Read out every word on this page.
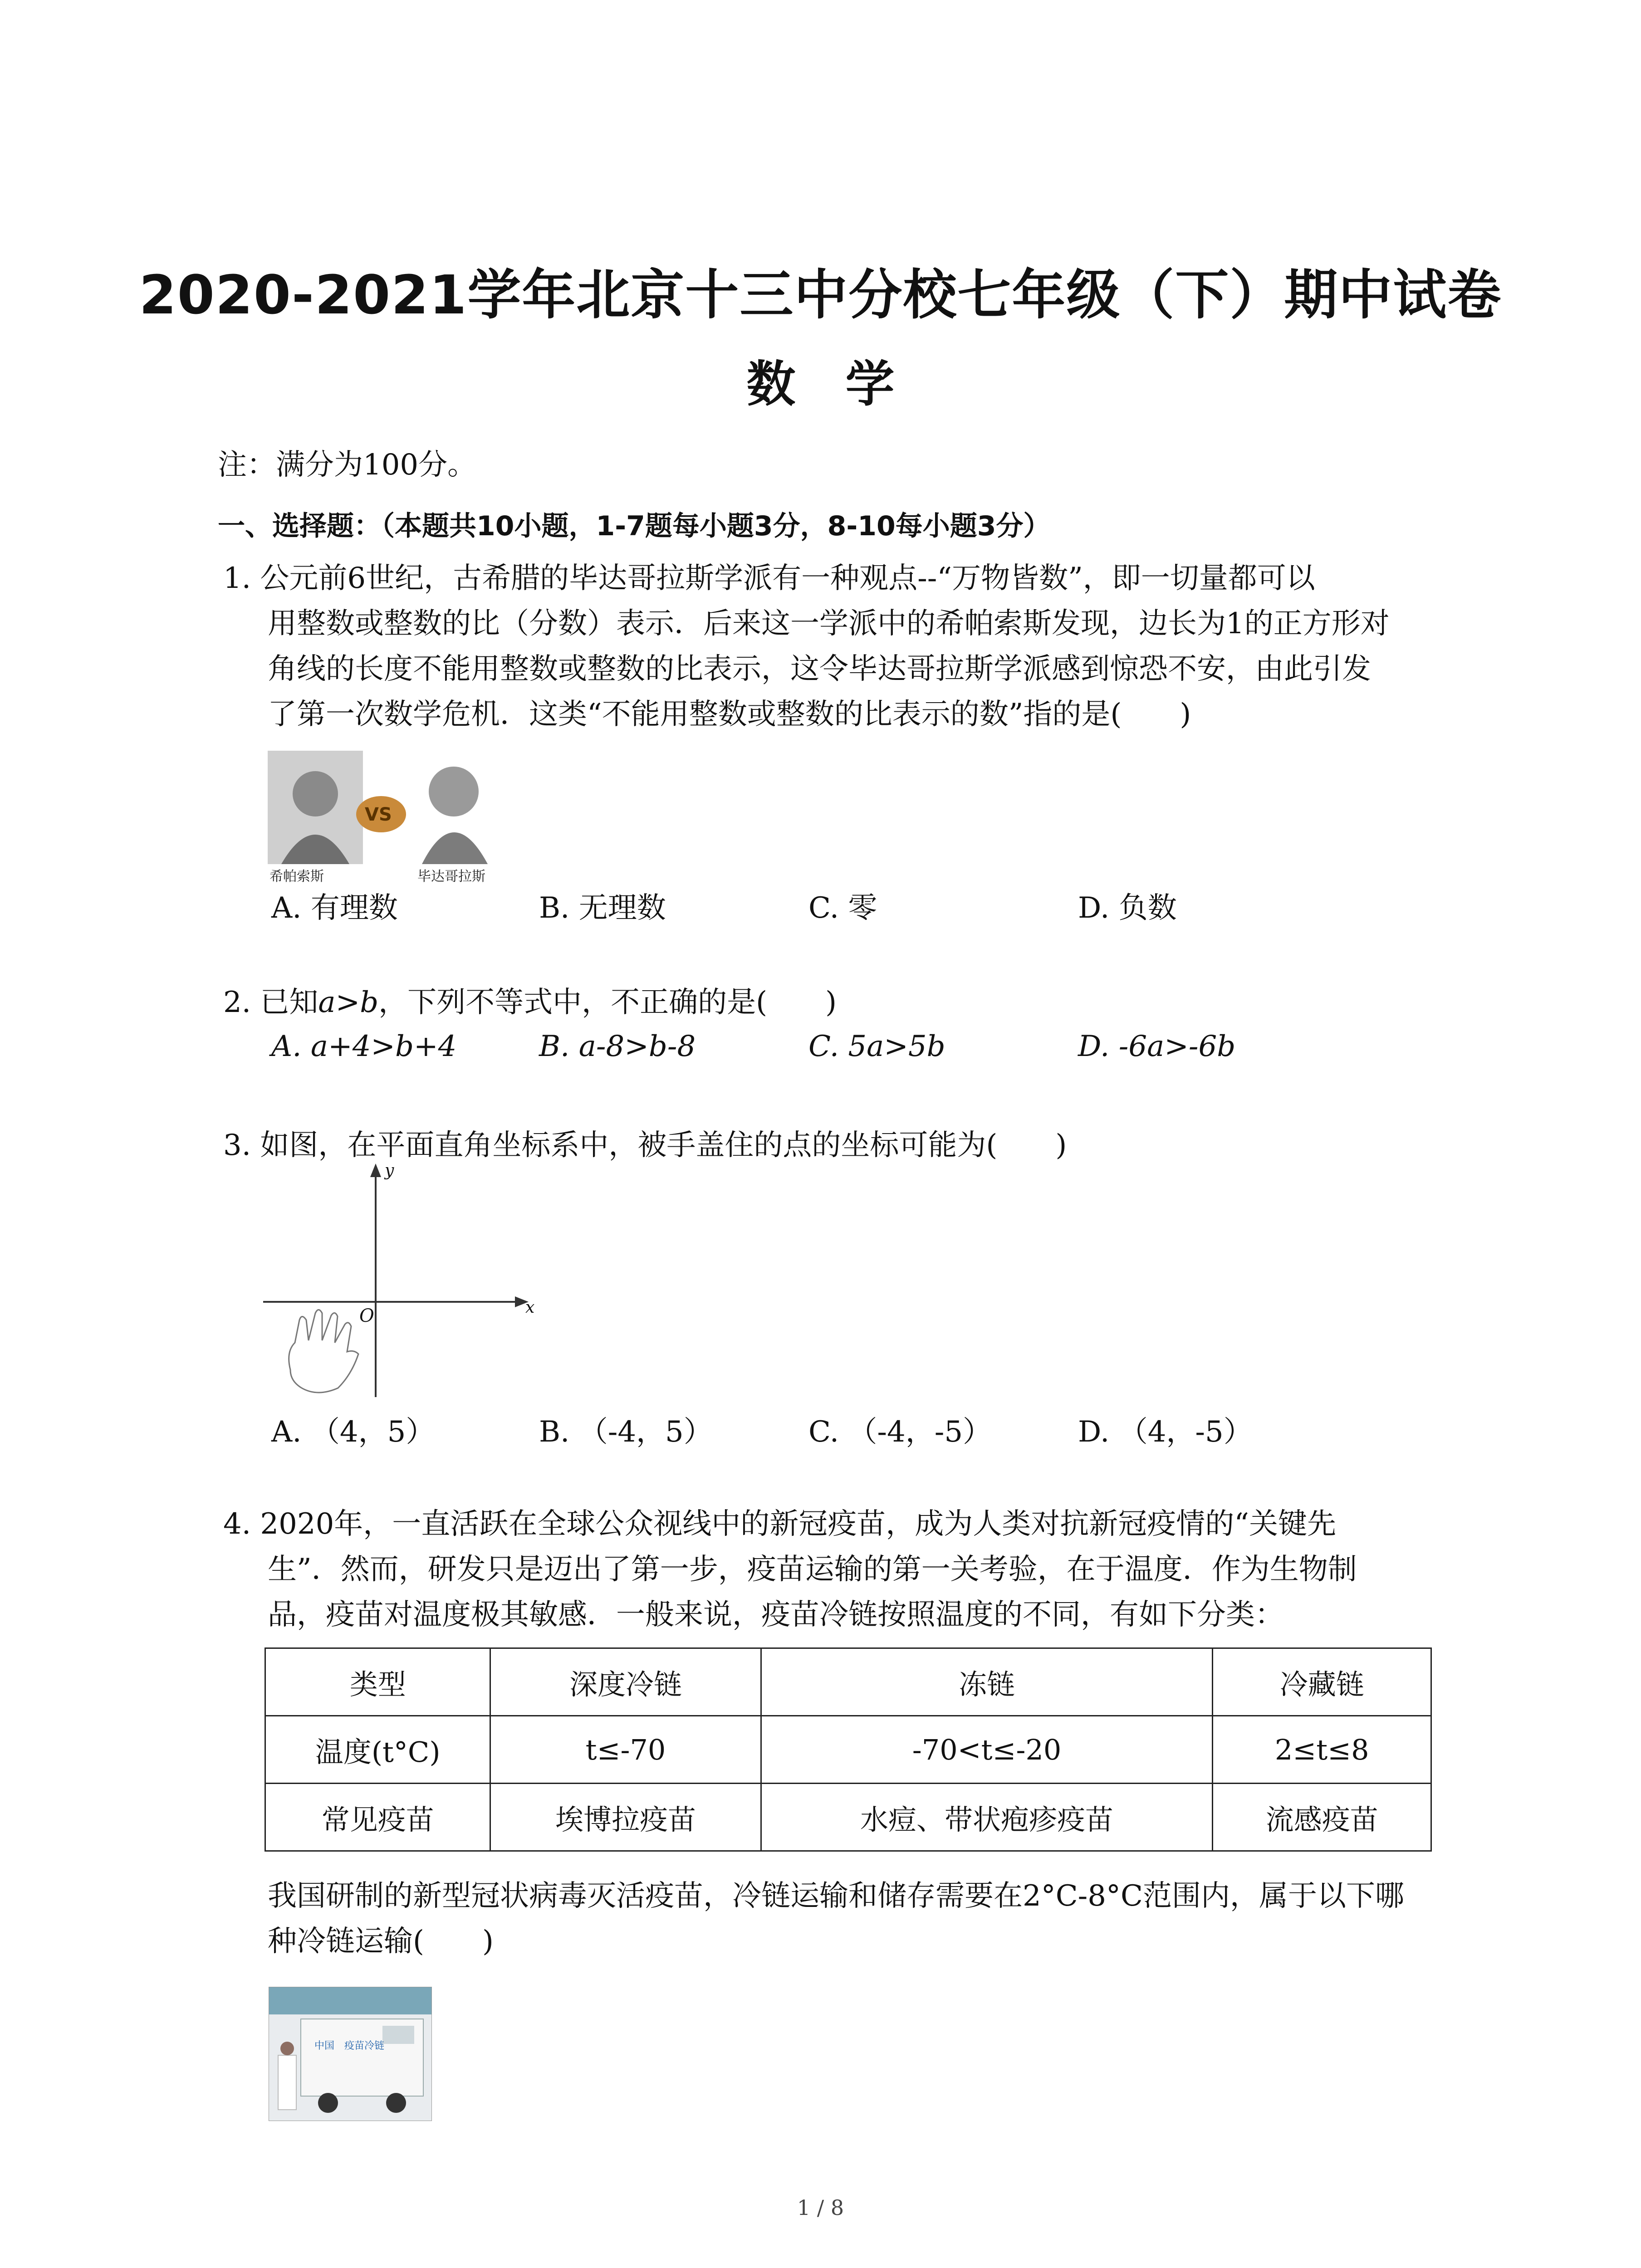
2020-2021学年北京十三中分校七年级（下）期中试卷
数学
注：满分为100分。
一、选择题：（本题共10小题，1-7题每小题3分，8-10每小题3分）
1. 公元前6世纪，古希腊的毕达哥拉斯学派有一种观点--“万物皆数”，即一切量都可以
用整数或整数的比（分数）表示．后来这一学派中的希帕索斯发现，边长为1的正方形对
角线的长度不能用整数或整数的比表示，这令毕达哥拉斯学派感到惊恐不安，由此引发
了第一次数学危机．这类“不能用整数或整数的比表示的数”指的是(　　)
希帕索斯
VS
毕达哥拉斯
A. 有理数	B. 无理数	C. 零	D. 负数
2. 已知a>b，下列不等式中，不正确的是(　　)
A. a+4>b+4	B. a-8>b-8	C. 5a>5b	D. -6a>-6b
3. 如图，在平面直角坐标系中，被手盖住的点的坐标可能为(　　)
y
x
O
A. （4，5）	B. （-4，5）	C. （-4，-5）	D. （4，-5）
4. 2020年，一直活跃在全球公众视线中的新冠疫苗，成为人类对抗新冠疫情的“关键先
生”．然而，研发只是迈出了第一步，疫苗运输的第一关考验，在于温度．作为生物制
品，疫苗对温度极其敏感．一般来说，疫苗冷链按照温度的不同，有如下分类：
类型	深度冷链	冻链	冷藏链
温度(t°C)	t≤-70	-70<t≤-20	2≤t≤8
常见疫苗	埃博拉疫苗	水痘、带状疱疹疫苗	流感疫苗
我国研制的新型冠状病毒灭活疫苗，冷链运输和储存需要在2°C-8°C范围内，属于以下哪
种冷链运输(　　)
中国　疫苗冷链
1 / 8
